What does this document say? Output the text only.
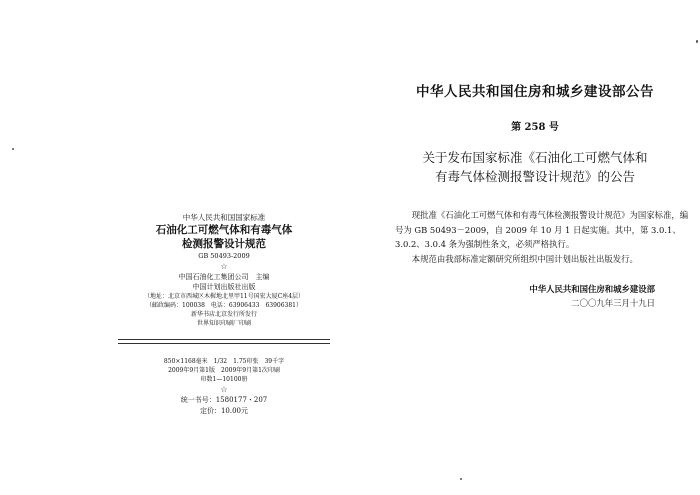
中华人民共和国国家标准
石油化工可燃气体和有毒气体
检测报警设计规范
GB 50493-2009
☆
中国石油化工集团公司　主编
中国计划出版社出版
（地址：北京市西城区木樨地北里甲11号国宏大厦C座4层）
（邮政编码：100038　电话：63906433　63906381）
新华书店北京发行所发行
世界知识印刷厂印刷
850×1168毫米　1/32　1.75印张　39千字
2009年9月第1版　2009年9月第1次印刷
印数1—10100册
☆
统一书号：1580177・207
定价：10.00元
中华人民共和国住房和城乡建设部公告
第 258 号
关于发布国家标准《石油化工可燃气体和
有毒气体检测报警设计规范》的公告

现批准《石油化工可燃气体和有毒气体检测报警设计规范》为国家标准，编号为 GB 50493－2009，自 2009 年 10 月 1 日起实施。其中，第 3.0.1、3.0.2、3.0.4 条为强制性条文，必须严格执行。

本规范由我部标准定额研究所组织中国计划出版社出版发行。

中华人民共和国住房和城乡建设部
二〇〇九年三月十九日
